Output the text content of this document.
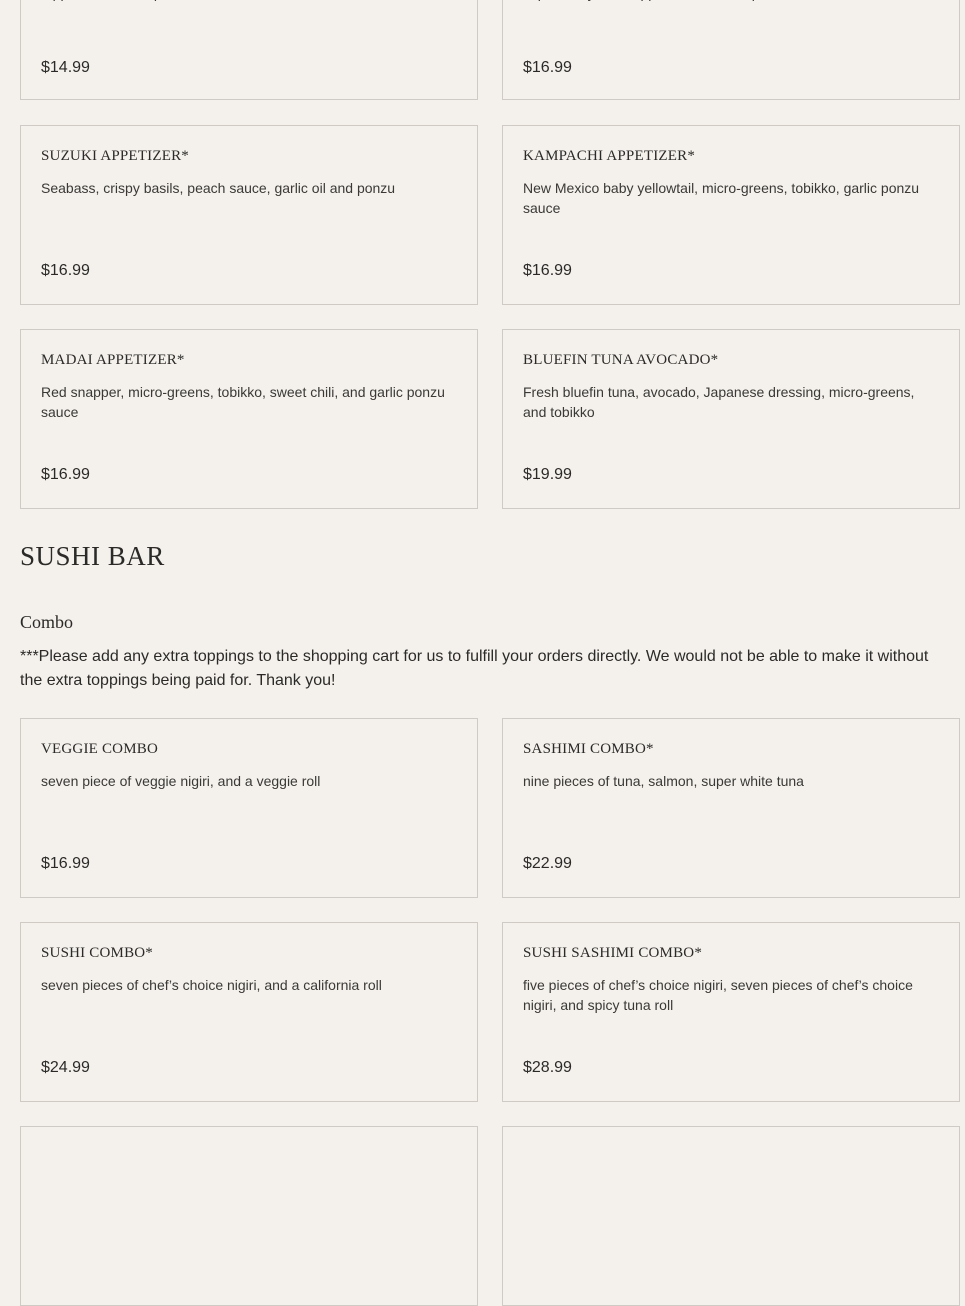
$14.99	$16.99
SUZUKI APPETIZER*
Seabass, crispy basils, peach sauce, garlic oil and ponzu
$16.99
KAMPACHI APPETIZER*
New Mexico baby yellowtail, micro-greens, tobikko, garlic ponzu sauce
$16.99
MADAI APPETIZER*
Red snapper, micro-greens, tobikko, sweet chili, and garlic ponzu sauce
$16.99
BLUEFIN TUNA AVOCADO*
Fresh bluefin tuna, avocado, Japanese dressing, micro-greens, and tobikko
$19.99
SUSHI BAR
Combo
***Please add any extra toppings to the shopping cart for us to fulfill your orders directly. We would not be able to make it without the extra toppings being paid for. Thank you!
VEGGIE COMBO
seven piece of veggie nigiri, and a veggie roll
$16.99
SASHIMI COMBO*
nine pieces of tuna, salmon, super white tuna
$22.99
SUSHI COMBO*
seven pieces of chef’s choice nigiri, and a california roll
$24.99
SUSHI SASHIMI COMBO*
five pieces of chef’s choice nigiri, seven pieces of chef’s choice nigiri, and spicy tuna roll
$28.99
